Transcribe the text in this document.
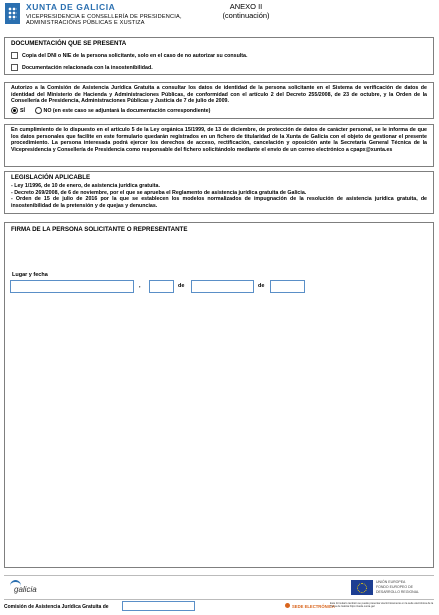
XUNTA DE GALICIA
VICEPRESIDENCIA E CONSELLERÍA DE PRESIDENCIA,
ADMINISTRACIÓNS PÚBLICAS E XUSTIZA
ANEXO II
(continuación)
DOCUMENTACIÓN QUE SE PRESENTA
Copia del DNI o NIE de la persona solicitante, solo en el caso de no autorizar su consulta.
Documentación relacionada con la insostenibilidad.
Autorizo a la Comisión de Asistencia Jurídica Gratuita a consultar los datos de identidad de la persona solicitante en el Sistema de verificación de datos de identidad del Ministerio de Hacienda y Administraciones Públicas, de conformidad con el artículo 2 del Decreto 255/2008, de 23 de octubre, y la Orden de la Consellería de Presidencia, Administraciones Públicas y Justicia de 7 de julio de 2009.
SÍ	NO (en este caso se adjuntará la documentación correspondiente)
En cumplimiento de lo dispuesto en el artículo 5 de la Ley orgánica 15/1999, de 13 de diciembre, de protección de datos de carácter personal, se le informa de que los datos personales que facilite en este formulario quedarán registrados en un fichero de titularidad de la Xunta de Galicia con el objeto de gestionar el presente procedimiento. La persona interesada podrá ejercer los derechos de acceso, rectificación, cancelación y oposición ante la Secretaría General Técnica de la Vicepresidencia y Consellería de Presidencia como responsable del fichero solicitándolo mediante el envío de un correo electrónico a cpapx@xunta.es
LEGISLACIÓN APLICABLE
- Ley 1/1996, de 10 de enero, de asistencia jurídica gratuita.
- Decreto 269/2008, de 6 de noviembre, por el que se aprueba el Reglamento de asistencia jurídica gratuita de Galicia.
- Orden de 15 de julio de 2016 por la que se establecen los modelos normalizados de impugnación de la resolución de asistencia jurídica gratuita, de insostenibilidad de la pretensión y de quejas y denuncias.
FIRMA DE LA PERSONA SOLICITANTE O REPRESENTANTE
Lugar y fecha
,	de	de
galicia
UNIÓN EUROPEA
FONDO EUROPEO DE
DESARROLLO REGIONAL
Comisión de Asistencia Jurídica Gratuita de	SEDE ELECTRÓNICA
Este formulario también se puede presentar electrónicamente en la sede electrónica de la Xunta de Galicia https://sede.xunta.gal
